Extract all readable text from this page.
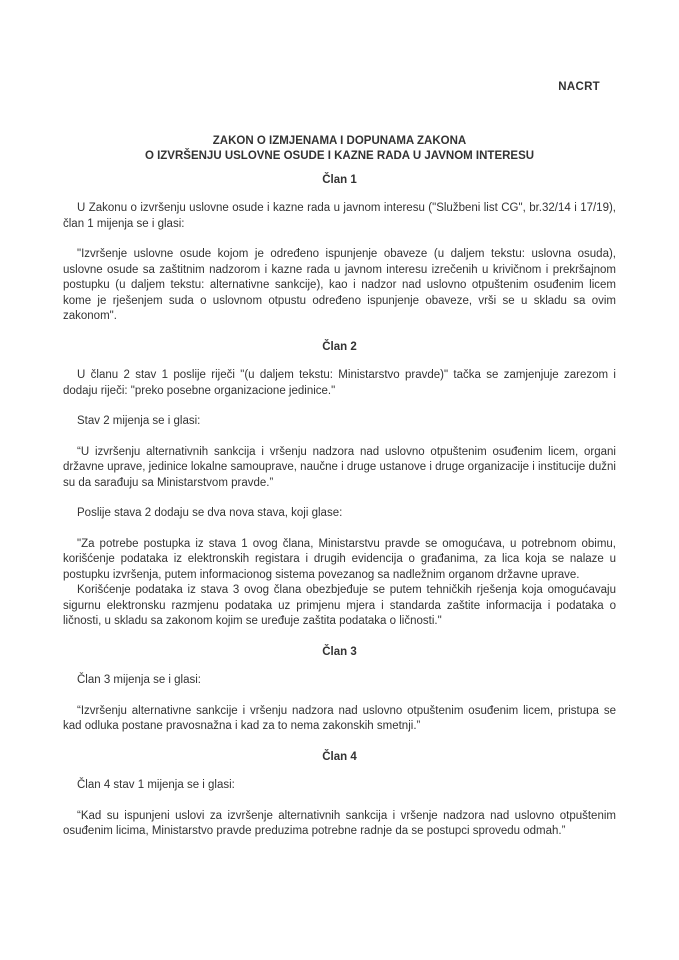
NACRT
ZAKON O IZMJENAMA I DOPUNAMA ZAKONA
O IZVRŠENJU USLOVNE OSUDE I KAZNE RADA U JAVNOM INTERESU
Član 1

U Zakonu o izvršenju uslovne osude i kazne rada u javnom interesu ("Službeni list CG", br.32/14 i 17/19), član 1 mijenja se i glasi:

"Izvršenje uslovne osude kojom je određeno ispunjenje obaveze (u daljem tekstu: uslovna osuda), uslovne osude sa zaštitnim nadzorom i kazne rada u javnom interesu izrečenih u krivičnom i prekršajnom postupku (u daljem tekstu: alternativne sankcije), kao i nadzor nad uslovno otpuštenim osuđenim licem kome je rješenjem suda o uslovnom otpustu određeno ispunjenje obaveze, vrši se u skladu sa ovim zakonom".

Član 2

U članu 2 stav 1 poslije riječi "(u daljem tekstu: Ministarstvo pravde)" tačka se zamjenjuje zarezom i dodaju riječi: "preko posebne organizacione jedinice."

Stav 2 mijenja se i glasi:

“U izvršenju alternativnih sankcija i vršenju nadzora nad uslovno otpuštenim osuđenim licem, organi državne uprave, jedinice lokalne samouprave, naučne i druge ustanove i druge organizacije i institucije dužni su da sarađuju sa Ministarstvom pravde.”

Poslije stava 2 dodaju se dva nova stava, koji glase:

"Za potrebe postupka iz stava 1 ovog člana, Ministarstvu pravde se omogućava, u potrebnom obimu, korišćenje podataka iz elektronskih registara i drugih evidencija o građanima, za lica koja se nalaze u postupku izvršenja, putem informacionog sistema povezanog sa nadležnim organom državne uprave.

Korišćenje podataka iz stava 3 ovog člana obezbjeđuje se putem tehničkih rješenja koja omogućavaju sigurnu elektronsku razmjenu podataka uz primjenu mjera i standarda zaštite informacija i podataka o ličnosti, u skladu sa zakonom kojim se uređuje zaštita podataka o ličnosti."

Član 3

Član 3 mijenja se i glasi:

“Izvršenju alternativne sankcije i vršenju nadzora nad uslovno otpuštenim osuđenim licem, pristupa se kad odluka postane pravosnažna i kad za to nema zakonskih smetnji.”

Član 4

Član 4 stav 1 mijenja se i glasi:

“Kad su ispunjeni uslovi za izvršenje alternativnih sankcija i vršenje nadzora nad uslovno otpuštenim osuđenim licima, Ministarstvo pravde preduzima potrebne radnje da se postupci sprovedu odmah.”
